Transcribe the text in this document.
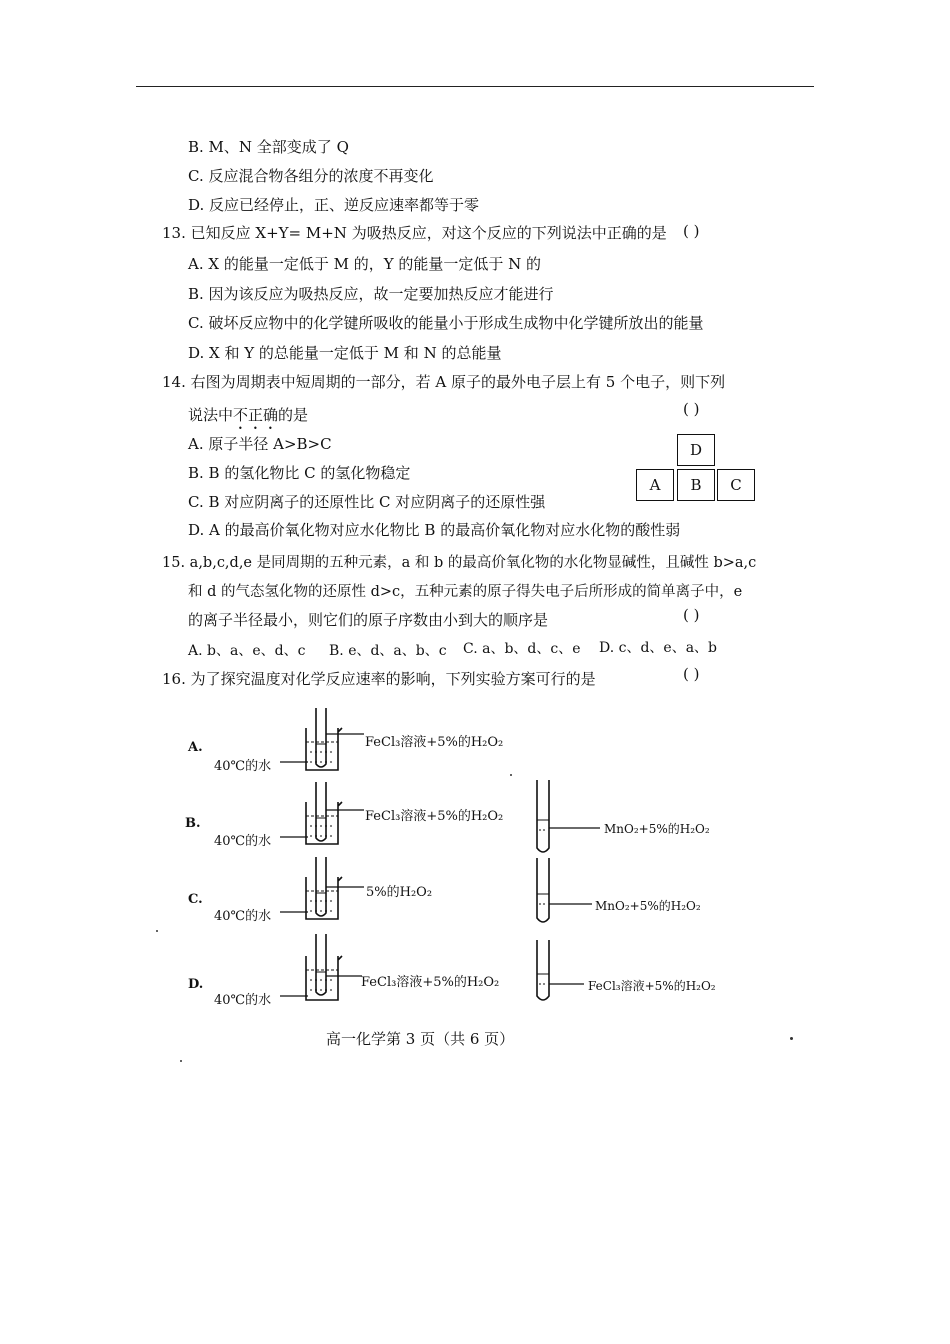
B. M、N 全部变成了 Q
C. 反应混合物各组分的浓度不再变化
D. 反应已经停止，正、逆反应速率都等于零
13. 已知反应 X+Y= M+N 为吸热反应，对这个反应的下列说法中正确的是 ( )
A. X 的能量一定低于 M 的，Y 的能量一定低于 N 的
B. 因为该反应为吸热反应，故一定要加热反应才能进行
C. 破坏反应物中的化学键所吸收的能量小于形成生成物中化学键所放出的能量
D. X 和 Y 的总能量一定低于 M 和 N 的总能量
14. 右图为周期表中短周期的一部分，若 A 原子的最外电子层上有 5 个电子，则下列
说法中不正确的是	( )
A. 原子半径 A>B>C
B. B 的氢化物比 C 的氢化物稳定
C. B 对应阴离子的还原性比 C 对应阴离子的还原性强
D. A 的最高价氧化物对应水化物比 B 的最高价氧化物对应水化物的酸性弱
D
A	B	C
15. a,b,c,d,e 是同周期的五种元素，a 和 b 的最高价氧化物的水化物显碱性，且碱性 b>a,c
和 d 的气态氢化物的还原性 d>c，五种元素的原子得失电子后所形成的简单离子中，e
的离子半径最小，则它们的原子序数由小到大的顺序是	( )
A. b、a、e、d、c B. e、d、a、b、c C. a、b、d、c、e D. c、d、e、a、b
16. 为了探究温度对化学反应速率的影响，下列实验方案可行的是	( )
A.
40℃的水
FeCl₃溶液+5%的H₂O₂
B.
40℃的水
FeCl₃溶液+5%的H₂O₂
MnO₂+5%的H₂O₂
C.
40℃的水
5%的H₂O₂
MnO₂+5%的H₂O₂
D.
40℃的水
FeCl₃溶液+5%的H₂O₂	FeCl₃溶液+5%的H₂O₂
高一化学第 3 页（共 6 页）
